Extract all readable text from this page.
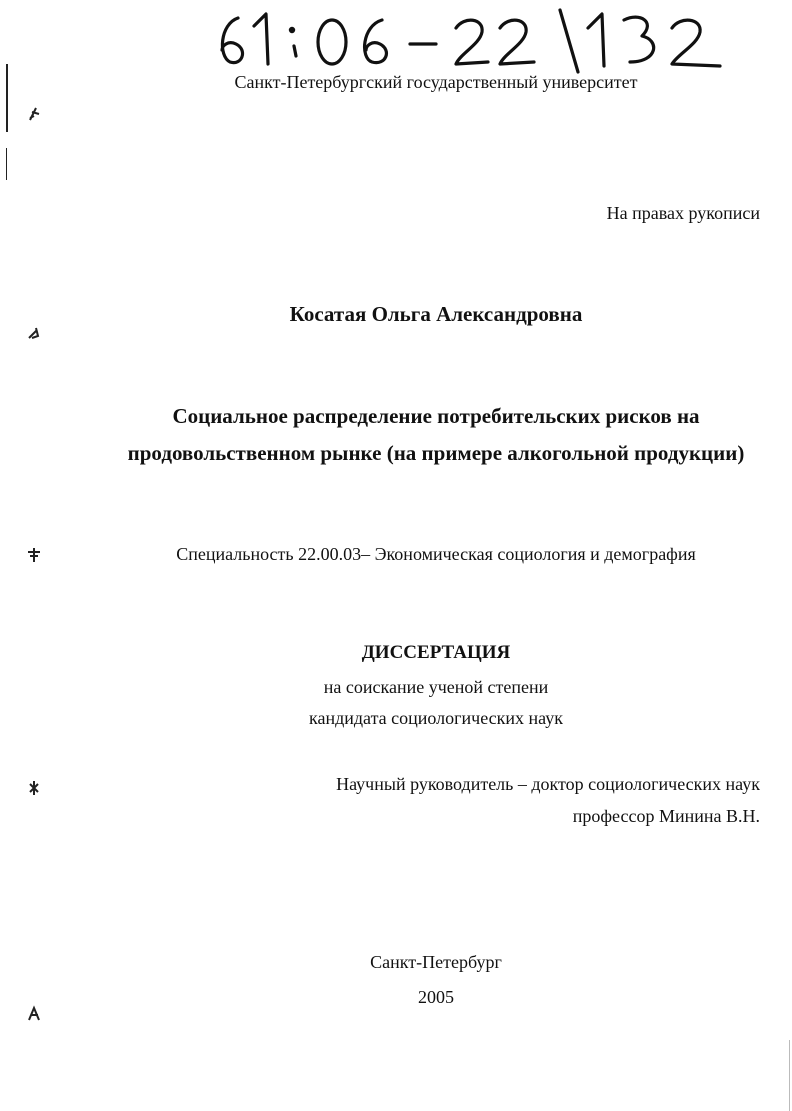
Санкт-Петербургский государственный университет
На правах рукописи
Косатая Ольга Александровна
Социальное распределение потребительских рисков на
продовольственном рынке (на примере алкогольной продукции)
Специальность 22.00.03– Экономическая социология и демография
ДИССЕРТАЦИЯ
на соискание ученой степени
кандидата социологических наук
Научный руководитель – доктор социологических наук
профессор Минина В.Н.
Санкт-Петербург
2005
